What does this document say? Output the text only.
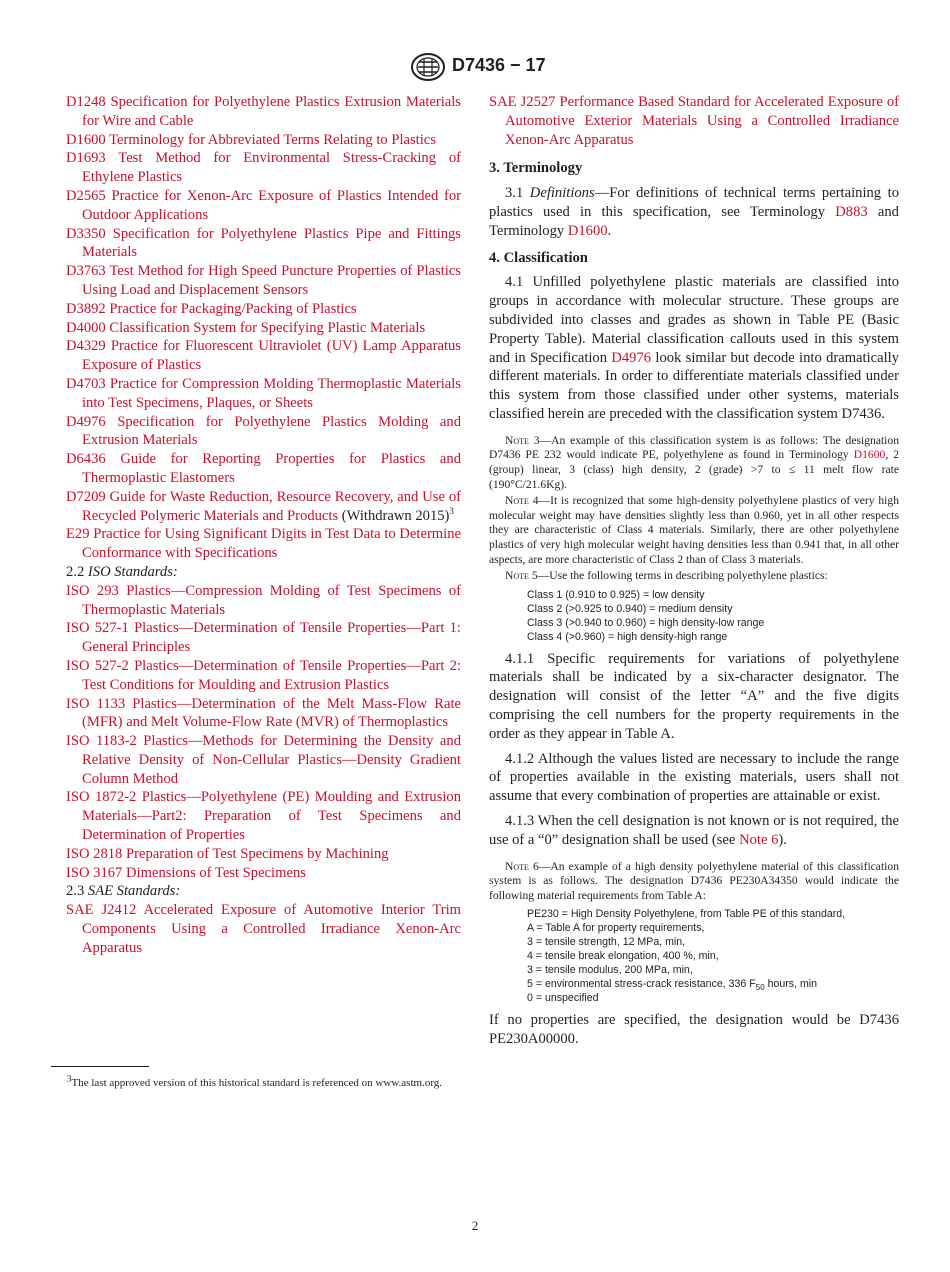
D7436 − 17
D1248 Specification for Polyethylene Plastics Extrusion Materials for Wire and Cable
D1600 Terminology for Abbreviated Terms Relating to Plastics
D1693 Test Method for Environmental Stress-Cracking of Ethylene Plastics
D2565 Practice for Xenon-Arc Exposure of Plastics Intended for Outdoor Applications
D3350 Specification for Polyethylene Plastics Pipe and Fittings Materials
D3763 Test Method for High Speed Puncture Properties of Plastics Using Load and Displacement Sensors
D3892 Practice for Packaging/Packing of Plastics
D4000 Classification System for Specifying Plastic Materials
D4329 Practice for Fluorescent Ultraviolet (UV) Lamp Apparatus Exposure of Plastics
D4703 Practice for Compression Molding Thermoplastic Materials into Test Specimens, Plaques, or Sheets
D4976 Specification for Polyethylene Plastics Molding and Extrusion Materials
D6436 Guide for Reporting Properties for Plastics and Thermoplastic Elastomers
D7209 Guide for Waste Reduction, Resource Recovery, and Use of Recycled Polymeric Materials and Products (Withdrawn 2015)$^3$
E29 Practice for Using Significant Digits in Test Data to Determine Conformance with Specifications
2.2 ISO Standards:
ISO 293 Plastics—Compression Molding of Test Specimens of Thermoplastic Materials
ISO 527-1 Plastics—Determination of Tensile Properties—Part 1: General Principles
ISO 527-2 Plastics—Determination of Tensile Properties—Part 2: Test Conditions for Moulding and Extrusion Plastics
ISO 1133 Plastics—Determination of the Melt Mass-Flow Rate (MFR) and Melt Volume-Flow Rate (MVR) of Thermoplastics
ISO 1183-2 Plastics—Methods for Determining the Density and Relative Density of Non-Cellular Plastics—Density Gradient Column Method
ISO 1872-2 Plastics—Polyethylene (PE) Moulding and Extrusion Materials—Part2: Preparation of Test Specimens and Determination of Properties
ISO 2818 Preparation of Test Specimens by Machining
ISO 3167 Dimensions of Test Specimens
2.3 SAE Standards:
SAE J2412 Accelerated Exposure of Automotive Interior Trim Components Using a Controlled Irradiance Xenon-Arc Apparatus
SAE J2527 Performance Based Standard for Accelerated Exposure of Automotive Exterior Materials Using a Controlled Irradiance Xenon-Arc Apparatus
3. Terminology
3.1 Definitions—For definitions of technical terms pertaining to plastics used in this specification, see Terminology D883 and Terminology D1600.
4. Classification
4.1 Unfilled polyethylene plastic materials are classified into groups in accordance with molecular structure. These groups are subdivided into classes and grades as shown in Table PE (Basic Property Table). Material classification callouts used in this system and in Specification D4976 look similar but decode into dramatically different materials. In order to differentiate materials classified under this system from those classified under other systems, materials classified herein are preceded with the classification system D7436.
Note 3—An example of this classification system is as follows: The designation D7436 PE 232 would indicate PE, polyethylene as found in Terminology D1600, 2 (group) linear, 3 (class) high density, 2 (grade) >7 to ≤ 11 melt flow rate (190°C/21.6Kg).
Note 4—It is recognized that some high-density polyethylene plastics of very high molecular weight may have densities slightly less than 0.960, yet in all other respects they are characteristic of Class 4 materials. Similarly, there are other polyethylene plastics of very high molecular weight having densities less than 0.941 that, in all other aspects, are more characteristic of Class 2 than of Class 3 materials.
Note 5—Use the following terms in describing polyethylene plastics:
Class 1 (0.910 to 0.925) = low density
Class 2 (>0.925 to 0.940) = medium density
Class 3 (>0.940 to 0.960) = high density-low range
Class 4 (>0.960) = high density-high range
4.1.1 Specific requirements for variations of polyethylene materials shall be indicated by a six-character designator. The designation will consist of the letter “A” and the five digits comprising the cell numbers for the property requirements in the order as they appear in Table A.
4.1.2 Although the values listed are necessary to include the range of properties available in the existing materials, users shall not assume that every combination of properties are attainable or exist.
4.1.3 When the cell designation is not known or is not required, the use of a “0” designation shall be used (see Note 6).
Note 6—An example of a high density polyethylene material of this classification system is as follows. The designation D7436 PE230A34350 would indicate the following material requirements from Table A:
PE230 = High Density Polyethylene, from Table PE of this standard,
A = Table A for property requirements,
3 = tensile strength, 12 MPa, min,
4 = tensile break elongation, 400 %, min,
3 = tensile modulus, 200 MPa, min,
5 = environmental stress-crack resistance, 336 $F_{50}$ hours, min
0 = unspecified
If no properties are specified, the designation would be D7436 PE230A00000.
$^3$The last approved version of this historical standard is referenced on www.astm.org.
2
